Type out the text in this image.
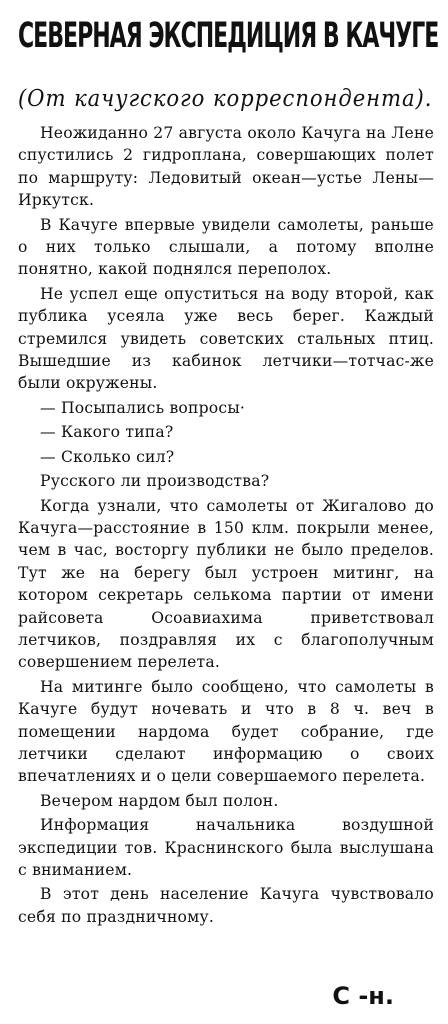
СЕВЕРНАЯ ЭКСПЕДИЦИЯ В КАЧУГЕ
(От качугского корреспондента).

Неожиданно 27 августа около Качуга на Лене спустились 2 гидроплана, совершающих полет по маршруту: Ледовитый океан—устье Лены—Иркутск.

В Качуге впервые увидели самолеты, раньше о них только слышали, а потому вполне понятно, какой поднялся переполох.

Не успел еще опуститься на воду второй, как публика усеяла уже весь берег. Каждый стремился увидеть советских стальных птиц. Вышедшие из кабинок летчики—тотчас-же были окружены.

— Посыпались вопросы·

— Какого типа?

— Сколько сил?

Русского ли производства?

Когда узнали, что самолеты от Жигалово до Качуга—расстояние в 150 клм. покрыли менее, чем в час, восторгу публики не было пределов. Тут же на берегу был устроен митинг, на котором секретарь селькома партии от имени райсовета Осоавиахима приветствовал летчиков, поздравляя их с благополучным совершением перелета.

На митинге было сообщено, что самолеты в Качуге будут ночевать и что в 8 ч. веч в помещении нардома будет собрание, где летчики сделают информацию о своих впечатлениях и о цели совершаемого перелета.

Вечером нардом был полон.

Информация начальника воздушной экспедиции тов. Краснинского была выслушана с вниманием.

В этот день население Качуга чувствовало себя по праздничному.

С -н.
